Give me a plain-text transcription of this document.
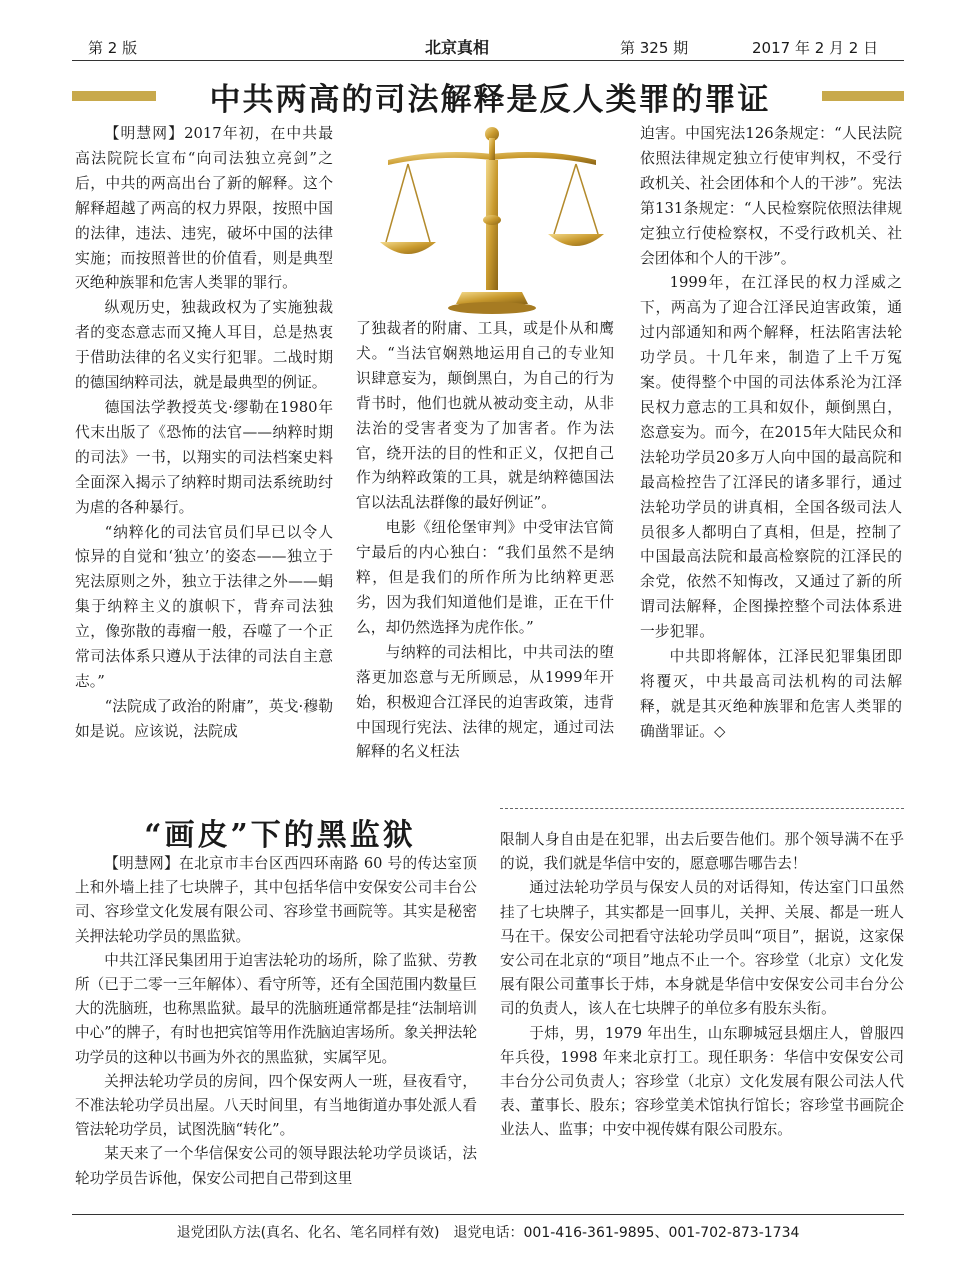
第 2 版	北京真相	第 325 期	2017 年 2 月 2 日
中共两高的司法解释是反人类罪的罪证

【明慧网】2017年初，在中共最高法院院长宣布“向司法独立亮剑”之后，中共的两高出台了新的解释。这个解释超越了两高的权力界限，按照中国的法律，违法、违宪，破坏中国的法律实施；而按照普世的价值看，则是典型灭绝种族罪和危害人类罪的罪行。

纵观历史，独裁政权为了实施独裁者的变态意志而又掩人耳目，总是热衷于借助法律的名义实行犯罪。二战时期的德国纳粹司法，就是最典型的例证。

德国法学教授英戈·缪勒在1980年代末出版了《恐怖的法官——纳粹时期的司法》一书，以翔实的司法档案史料全面深入揭示了纳粹时期司法系统助纣为虐的各种暴行。

“纳粹化的司法官员们早已以令人惊异的自觉和‘独立’的姿态——独立于宪法原则之外，独立于法律之外——蜎集于纳粹主义的旗帜下，背弃司法独立，像弥散的毒瘤一般，吞噬了一个正常司法体系只遵从于法律的司法自主意志。”

“法院成了政治的附庸”，英戈·穆勒如是说。应该说，法院成

了独裁者的附庸、工具，或是仆从和鹰犬。“当法官娴熟地运用自己的专业知识肆意妄为，颠倒黑白，为自己的行为背书时，他们也就从被动变主动，从非法治的受害者变为了加害者。作为法官，绕开法的目的性和正义，仅把自己作为纳粹政策的工具，就是纳粹德国法官以法乱法群像的最好例证”。

电影《纽伦堡审判》中受审法官简宁最后的内心独白：“我们虽然不是纳粹，但是我们的所作所为比纳粹更恶劣，因为我们知道他们是谁，正在干什么，却仍然选择为虎作伥。”

与纳粹的司法相比，中共司法的堕落更加恣意与无所顾忌，从1999年开始，积极迎合江泽民的迫害政策，违背中国现行宪法、法律的规定，通过司法解释的名义枉法

迫害。中国宪法126条规定：“人民法院依照法律规定独立行使审判权，不受行政机关、社会团体和个人的干涉”。宪法第131条规定：“人民检察院依照法律规定独立行使检察权，不受行政机关、社会团体和个人的干涉”。

1999年，在江泽民的权力淫威之下，两高为了迎合江泽民迫害政策，通过内部通知和两个解释，枉法陷害法轮功学员。十几年来，制造了上千万冤案。使得整个中国的司法体系沦为江泽民权力意志的工具和奴仆，颠倒黑白，恣意妄为。而今，在2015年大陆民众和法轮功学员20多万人向中国的最高院和最高检控告了江泽民的诸多罪行，通过法轮功学员的讲真相，全国各级司法人员很多人都明白了真相，但是，控制了中国最高法院和最高检察院的江泽民的余党，依然不知悔改，又通过了新的所谓司法解释，企图操控整个司法体系进一步犯罪。

中共即将解体，江泽民犯罪集团即将覆灭，中共最高司法机构的司法解释，就是其灭绝种族罪和危害人类罪的确凿罪证。◇

“画皮”下的黑监狱

【明慧网】在北京市丰台区西四环南路 60 号的传达室顶上和外墙上挂了七块牌子，其中包括华信中安保安公司丰台公司、容珍堂文化发展有限公司、容珍堂书画院等。其实是秘密关押法轮功学员的黑监狱。

中共江泽民集团用于迫害法轮功的场所，除了监狱、劳教所（已于二零一三年解体）、看守所等，还有全国范围内数量巨大的洗脑班，也称黑监狱。最早的洗脑班通常都是挂“法制培训中心”的牌子，有时也把宾馆等用作洗脑迫害场所。象关押法轮功学员的这种以书画为外衣的黑监狱，实属罕见。

关押法轮功学员的房间，四个保安两人一班，昼夜看守，不准法轮功学员出屋。八天时间里，有当地街道办事处派人看管法轮功学员，试图洗脑“转化”。

某天来了一个华信保安公司的领导跟法轮功学员谈话，法轮功学员告诉他，保安公司把自己带到这里

限制人身自由是在犯罪，出去后要告他们。那个领导满不在乎的说，我们就是华信中安的，愿意哪告哪告去！

通过法轮功学员与保安人员的对话得知，传达室门口虽然挂了七块牌子，其实都是一回事儿，关押、关展、都是一班人马在干。保安公司把看守法轮功学员叫“项目”，据说，这家保安公司在北京的“项目”地点不止一个。容珍堂（北京）文化发展有限公司董事长于炜，本身就是华信中安保安公司丰台分公司的负责人，该人在七块牌子的单位多有股东头衔。

于炜，男，1979 年出生，山东聊城冠县烟庄人，曾服四年兵役，1998 年来北京打工。现任职务：华信中安保安公司丰台分公司负责人；容珍堂（北京）文化发展有限公司法人代表、董事长、股东；容珍堂美术馆执行馆长；容珍堂书画院企业法人、监事；中安中视传媒有限公司股东。

退党团队方法(真名、化名、笔名同样有效)　退党电话：001-416-361-9895、001-702-873-1734
